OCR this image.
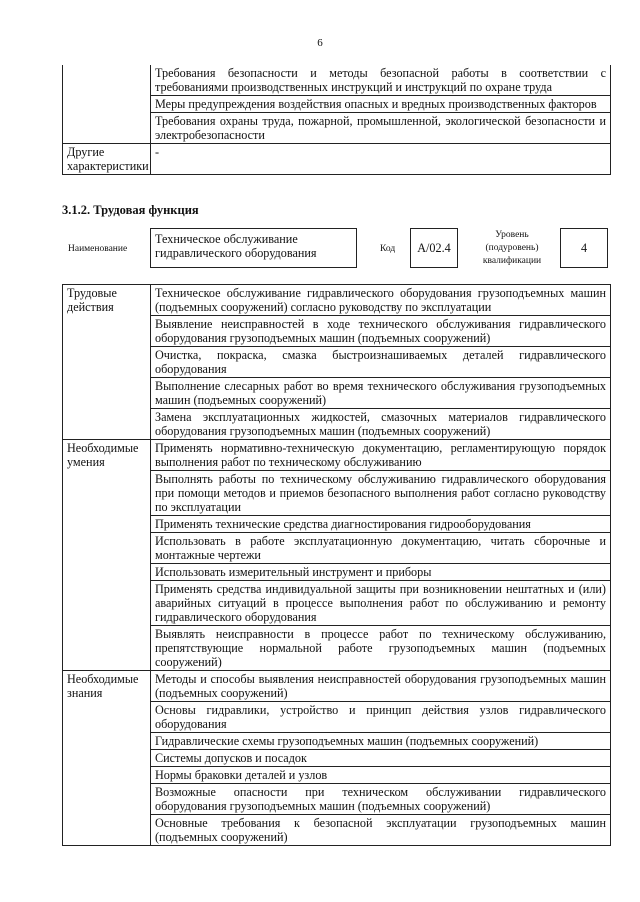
6
	Требования безопасности и методы безопасной работы в соответствии с требованиями производственных инструкций и инструкций по охране труда
	Меры предупреждения воздействия опасных и вредных производственных факторов
	Требования охраны труда, пожарной, промышленной, экологической безопасности и электробезопасности
Другие характеристики	-
3.1.2. Трудовая функция
Наименование
Техническое обслуживание гидравлического оборудования	Код А/02.4
Уровень (подуровень) квалификации
4
Трудовые действия	Техническое обслуживание гидравлического оборудования грузоподъемных машин (подъемных сооружений) согласно руководству по эксплуатации
	Выявление неисправностей в ходе технического обслуживания гидравлического оборудования грузоподъемных машин (подъемных сооружений)
	Очистка, покраска, смазка быстроизнашиваемых деталей гидравлического оборудования
	Выполнение слесарных работ во время технического обслуживания грузоподъемных машин (подъемных сооружений)
	Замена эксплуатационных жидкостей, смазочных материалов гидравлического оборудования грузоподъемных машин (подъемных сооружений)
Необходимые умения	Применять нормативно-техническую документацию, регламентирующую порядок выполнения работ по техническому обслуживанию
	Выполнять работы по техническому обслуживанию гидравлического оборудования при помощи методов и приемов безопасного выполнения работ согласно руководству по эксплуатации
	Применять технические средства диагностирования гидрооборудования
	Использовать в работе эксплуатационную документацию, читать сборочные и монтажные чертежи
	Использовать измерительный инструмент и приборы
	Применять средства индивидуальной защиты при возникновении нештатных и (или) аварийных ситуаций в процессе выполнения работ по обслуживанию и ремонту гидравлического оборудования
	Выявлять неисправности в процессе работ по техническому обслуживанию, препятствующие нормальной работе грузоподъемных машин (подъемных сооружений)
Необходимые знания	Методы и способы выявления неисправностей оборудования грузоподъемных машин (подъемных сооружений)
	Основы гидравлики, устройство и принцип действия узлов гидравлического оборудования
	Гидравлические схемы грузоподъемных машин (подъемных сооружений)
	Системы допусков и посадок
	Нормы браковки деталей и узлов
	Возможные опасности при техническом обслуживании гидравлического оборудования грузоподъемных машин (подъемных сооружений)
	Основные требования к безопасной эксплуатации грузоподъемных машин (подъемных сооружений)
